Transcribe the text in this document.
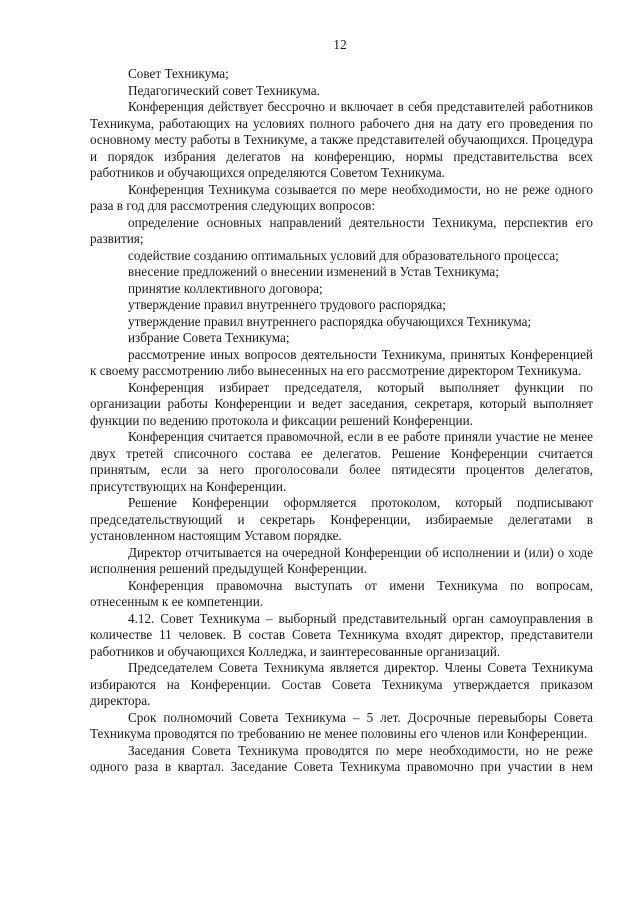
12

Совет Техникума;

Педагогический совет Техникума.

Конференция действует бессрочно и включает в себя представителей работников Техникума, работающих на условиях полного рабочего дня на дату его проведения по основному месту работы в Техникуме, а также представителей обучающихся. Процедура и порядок избрания делегатов на конференцию, нормы представительства всех работников и обучающихся определяются Советом Техникума.

Конференция Техникума созывается по мере необходимости, но не реже одного раза в год для рассмотрения следующих вопросов:

определение основных направлений деятельности Техникума, перспектив его развития;

содействие созданию оптимальных условий для образовательного процесса;

внесение предложений о внесении изменений в Устав Техникума;

принятие коллективного договора;

утверждение правил внутреннего трудового распорядка;

утверждение правил внутреннего распорядка обучающихся Техникума;

избрание Совета Техникума;

рассмотрение иных вопросов деятельности Техникума, принятых Конференцией к своему рассмотрению либо вынесенных на его рассмотрение директором Техникума.

Конференция избирает председателя, который выполняет функции по организации работы Конференции и ведет заседания, секретаря, который выполняет функции по ведению протокола и фиксации решений Конференции.

Конференция считается правомочной, если в ее работе приняли участие не менее двух третей списочного состава ее делегатов. Решение Конференции считается принятым, если за него проголосовали более пятидесяти процентов делегатов, присутствующих на Конференции.

Решение Конференции оформляется протоколом, который подписывают председательствующий и секретарь Конференции, избираемые делегатами в установленном настоящим Уставом порядке.

Директор отчитывается на очередной Конференции об исполнении и (или) о ходе исполнения решений предыдущей Конференции.

Конференция правомочна выступать от имени Техникума по вопросам, отнесенным к ее компетенции.

4.12. Совет Техникума – выборный представительный орган самоуправления в количестве 11 человек. В состав Совета Техникума входят директор, представители работников и обучающихся Колледжа, и заинтересованные организаций.

Председателем Совета Техникума является директор. Члены Совета Техникума избираются на Конференции. Состав Совета Техникума утверждается приказом директора.

Срок полномочий Совета Техникума – 5 лет. Досрочные перевыборы Совета Техникума проводятся по требованию не менее половины его членов или Конференции.

Заседания Совета Техникума проводятся по мере необходимости, но не реже одного раза в квартал. Заседание Совета Техникума правомочно при участии в нем
